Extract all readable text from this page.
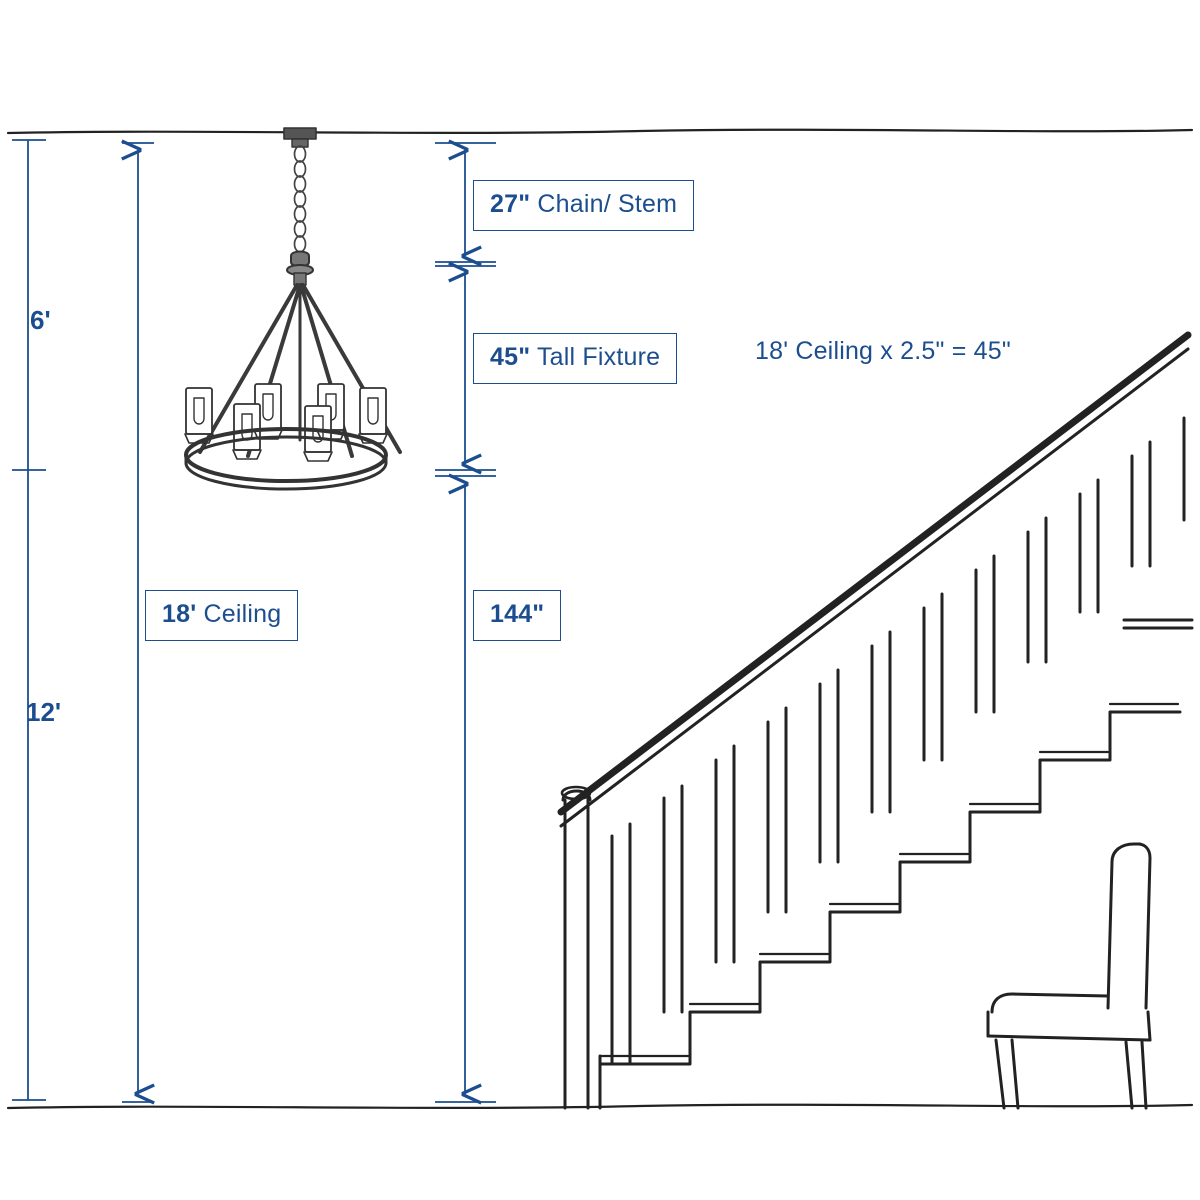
6'
12'
27" Chain/ Stem
45" Tall Fixture	18' Ceiling x 2.5" = 45"
18' Ceiling	144"
